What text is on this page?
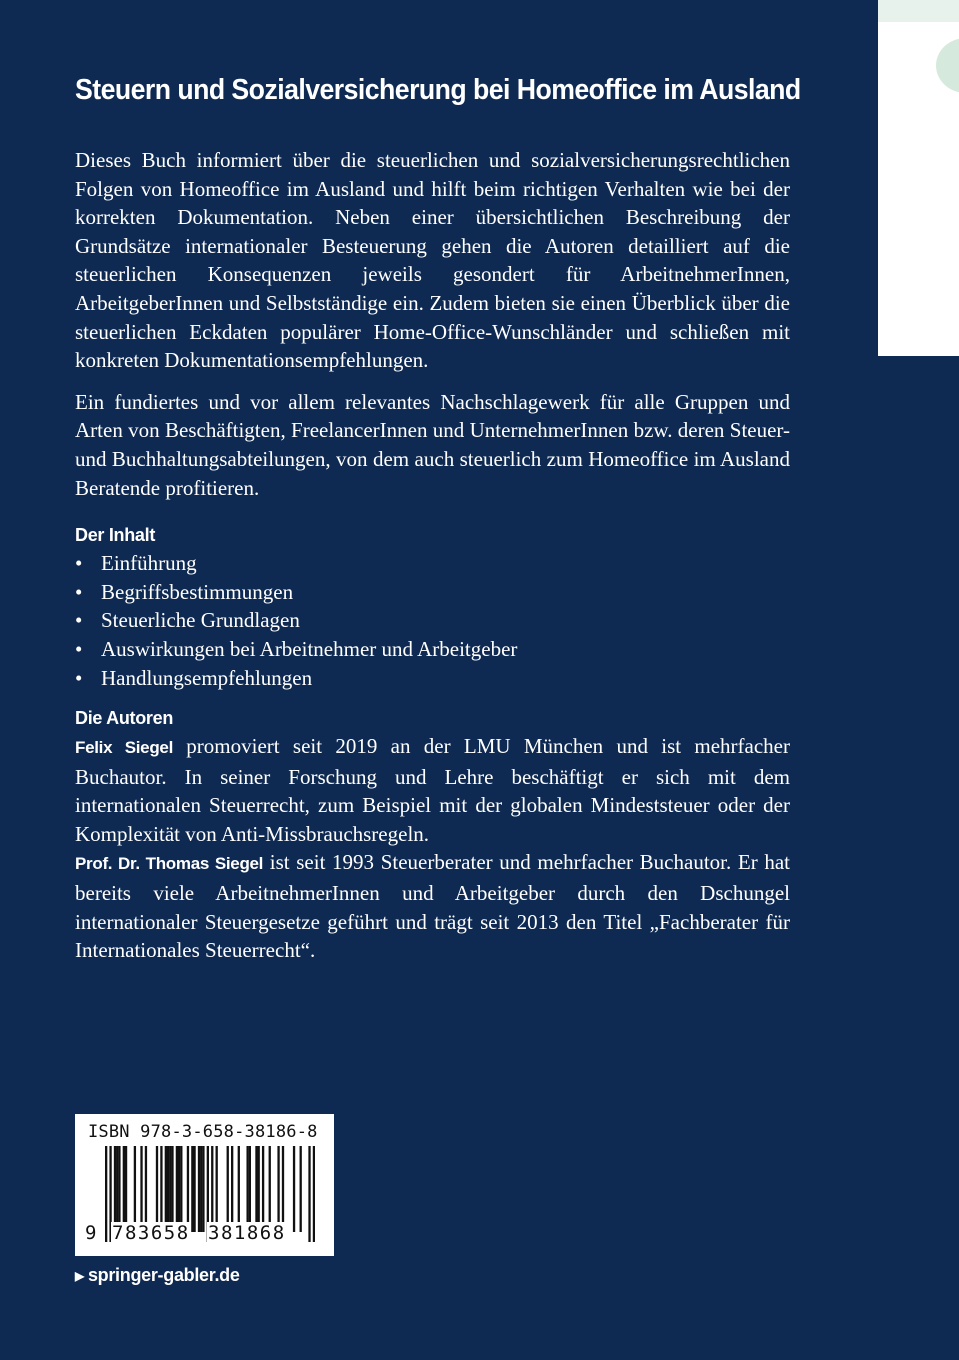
Steuern und Sozialversicherung bei Homeoffice im Ausland

Dieses Buch informiert über die steuerlichen und sozialversicherungsrechtlichen Folgen von Homeoffice im Ausland und hilft beim richtigen Verhalten wie bei der korrekten Dokumentation. Neben einer übersichtlichen Beschreibung der Grundsätze internationaler Besteuerung gehen die Autoren detailliert auf die steuerlichen Konsequenzen jeweils gesondert für ArbeitnehmerInnen, ArbeitgeberInnen und Selbstständige ein. Zudem bieten sie einen Überblick über die steuerlichen Eckdaten populärer Home-Office-Wunschländer und schließen mit konkreten Dokumentationsempfehlungen.

Ein fundiertes und vor allem relevantes Nachschlagewerk für alle Gruppen und Arten von Beschäftigten, FreelancerInnen und UnternehmerInnen bzw. deren Steuer- und Buchhaltungsabteilungen, von dem auch steuerlich zum Homeoffice im Ausland Beratende profitieren.

Der Inhalt
• Einführung
• Begriffsbestimmungen
• Steuerliche Grundlagen
• Auswirkungen bei Arbeitnehmer und Arbeitgeber
• Handlungsempfehlungen
Die Autoren

Felix Siegel promoviert seit 2019 an der LMU München und ist mehrfacher Buchautor. In seiner Forschung und Lehre beschäftigt er sich mit dem internationalen Steuerrecht, zum Beispiel mit der globalen Mindeststeuer oder der Komplexität von Anti-Missbrauchsregeln.

Prof. Dr. Thomas Siegel ist seit 1993 Steuerberater und mehrfacher Buchautor. Er hat bereits viele ArbeitnehmerInnen und Arbeitgeber durch den Dschungel internationaler Steuergesetze geführt und trägt seit 2013 den Titel „Fachberater für Internationales Steuerrecht“.

ISBN 978-3-658-38186-8
9 783658 381868
▶ springer-gabler.de
